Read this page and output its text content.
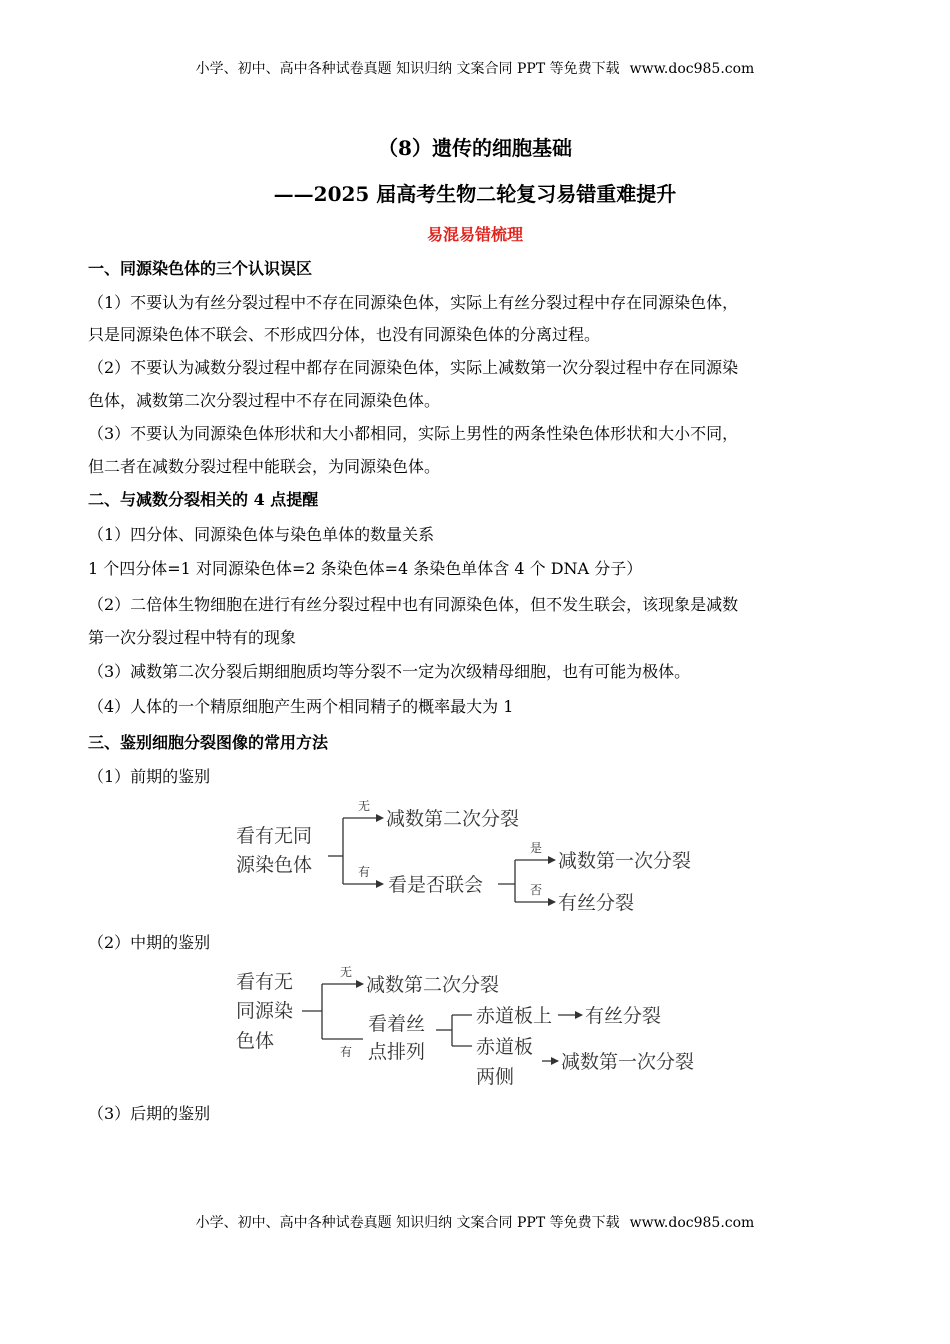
小学、初中、高中各种试卷真题 知识归纳 文案合同 PPT 等免费下载 www.doc985.com
（8）遗传的细胞基础
——2025 届高考生物二轮复习易错重难提升
易混易错梳理
一、同源染色体的三个认识误区
（1）不要认为有丝分裂过程中不存在同源染色体，实际上有丝分裂过程中存在同源染色体，
只是同源染色体不联会、不形成四分体，也没有同源染色体的分离过程。
（2）不要认为减数分裂过程中都存在同源染色体，实际上减数第一次分裂过程中存在同源染
色体，减数第二次分裂过程中不存在同源染色体。
（3）不要认为同源染色体形状和大小都相同，实际上男性的两条性染色体形状和大小不同，
但二者在减数分裂过程中能联会，为同源染色体。
二、与减数分裂相关的 4 点提醒
（1）四分体、同源染色体与染色单体的数量关系
1 个四分体=1 对同源染色体=2 条染色体=4 条染色单体含 4 个 DNA 分子）
（2）二倍体生物细胞在进行有丝分裂过程中也有同源染色体，但不发生联会，该现象是减数
第一次分裂过程中特有的现象
（3）减数第二次分裂后期细胞质均等分裂不一定为次级精母细胞，也有可能为极体。
（4）人体的一个精原细胞产生两个相同精子的概率最大为 1
三、鉴别细胞分裂图像的常用方法
（1）前期的鉴别
看有无同
源染色体
无
减数第二次分裂
有
看是否联会
是
减数第一次分裂
否
有丝分裂
（2）中期的鉴别
看有无
同源染
色体
无
减数第二次分裂
有
看着丝
点排列
赤道板上 有丝分裂
赤道板
两侧
减数第一次分裂
（3）后期的鉴别
小学、初中、高中各种试卷真题 知识归纳 文案合同 PPT 等免费下载 www.doc985.com
